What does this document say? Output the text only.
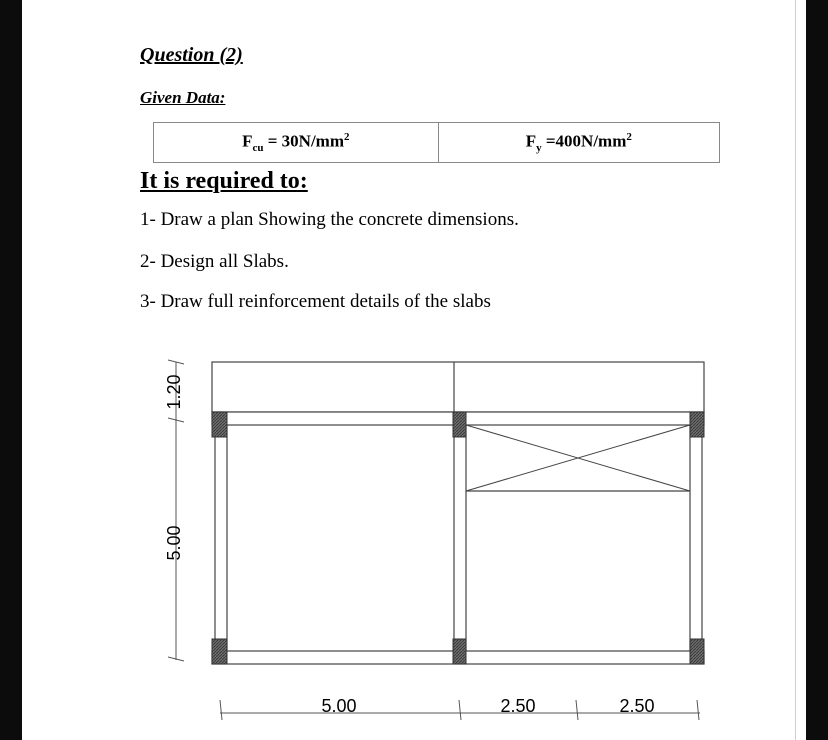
Question (2)
Given Data:
$F_{cu} = 30N/mm^2$	$F_y =400N/mm^2$
It is required to:
1- Draw a plan Showing the concrete dimensions.
2- Design all Slabs.
3- Draw full reinforcement details of the slabs
1.20
5.00
5.00	2.50	2.50
